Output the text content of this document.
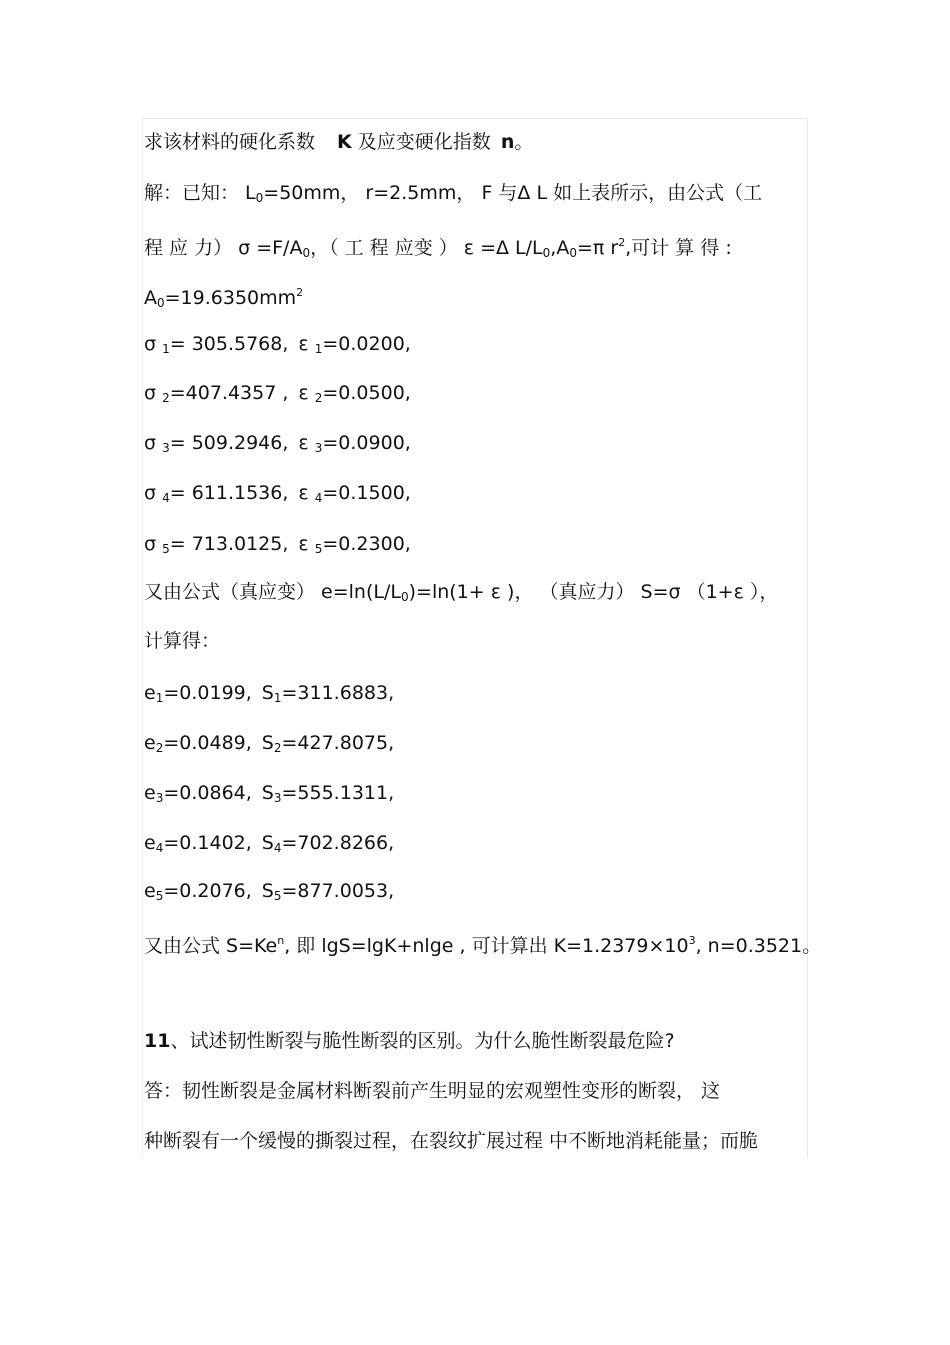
求该材料的硬化系数 K 及应变硬化指数 n。
解：已知： $L_0=50mm$， r=2.5mm， F 与Δ L 如上表所示，由公式（工
程 应 力） $\sigma =F/A_0$，（ 工 程 应变 ） ε =Δ $L/L_0,A_0=\pi$ $r^2$,可计 算 得 :
$A_0=19.6350mm^2$
σ $_1$= 305.5768, ε $_1$=0.0200,
σ $_2$=407.4357 , ε $_2$=0.0500,
σ $_3$= 509.2946, ε $_3$=0.0900,
σ $_4$= 611.1536, ε $_4$=0.1500,
σ $_5$= 713.0125, ε $_5$=0.2300,
又由公式（真应变） $e=\ln(L/L_0)=\ln(1+ \varepsilon$ )， （真应力） S=σ （1+ε ），
计算得：
$e_1=0.0199$, $S_1=311.6883$,
$e_2=0.0489$, $S_2=427.8075$,
$e_3=0.0864$, $S_3=555.1311$,
$e_4=0.1402$, $S_4=702.8266$,
$e_5=0.2076$, $S_5=877.0053$,
又由公式 $S=Ke^n$, 即 lgS=lgK+nlge , 可计算出 $K=1.2379\times 10^3$, n=0.3521。
11、试述韧性断裂与脆性断裂的区别。为什么脆性断裂最危险?
答：韧性断裂是金属材料断裂前产生明显的宏观塑性变形的断裂， 这
种断裂有一个缓慢的撕裂过程，在裂纹扩展过程 中不断地消耗能量；而脆
